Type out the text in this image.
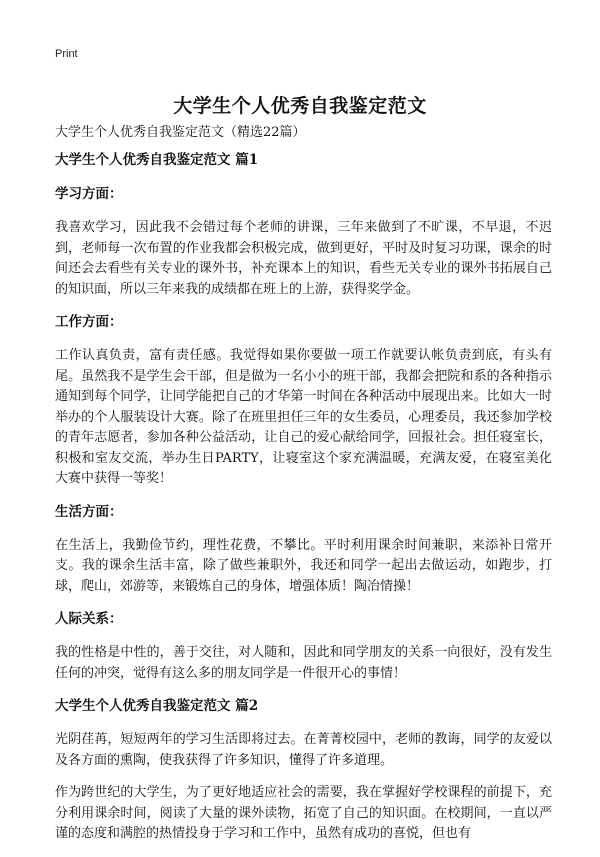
Print
大学生个人优秀自我鉴定范文
大学生个人优秀自我鉴定范文（精选22篇）
大学生个人优秀自我鉴定范文 篇1
学习方面：

我喜欢学习，因此我不会错过每个老师的讲课，三年来做到了不旷课，不早退，不迟到，老师每一次布置的作业我都会积极完成，做到更好，平时及时复习功课，课余的时间还会去看些有关专业的课外书，补充课本上的知识，看些无关专业的课外书拓展自己的知识面，所以三年来我的成绩都在班上的上游，获得奖学金。

工作方面：

工作认真负责，富有责任感。我觉得如果你要做一项工作就要认帐负责到底，有头有尾。虽然我不是学生会干部，但是做为一名小小的班干部，我都会把院和系的各种指示通知到每个同学，让同学能把自己的才华第一时间在各种活动中展现出来。比如大一时举办的个人服装设计大赛。除了在班里担任三年的女生委员，心理委员，我还参加学校的青年志愿者，参加各种公益活动，让自己的爱心献给同学，回报社会。担任寝室长，积极和室友交流，举办生日PARTY，让寝室这个家充满温暖，充满友爱，在寝室美化大赛中获得一等奖！

生活方面：

在生活上，我勤俭节约，理性花费，不攀比。平时利用课余时间兼职，来添补日常开支。我的课余生活丰富，除了做些兼职外，我还和同学一起出去做运动，如跑步，打球，爬山，郊游等，来锻炼自己的身体，增强体质！陶冶情操！

人际关系：

我的性格是中性的，善于交往，对人随和，因此和同学朋友的关系一向很好，没有发生任何的冲突，觉得有这么多的朋友同学是一件很开心的事情！

大学生个人优秀自我鉴定范文 篇2

光阴荏苒，短短两年的学习生活即将过去。在菁菁校园中，老师的教诲，同学的友爱以及各方面的熏陶，使我获得了许多知识，懂得了许多道理。

作为跨世纪的大学生，为了更好地适应社会的需要，我在掌握好学校课程的前提下，充分利用课余时间，阅读了大量的课外读物，拓宽了自己的知识面。在校期间，一直以严谨的态度和满腔的热情投身于学习和工作中，虽然有成功的喜悦，但也有
